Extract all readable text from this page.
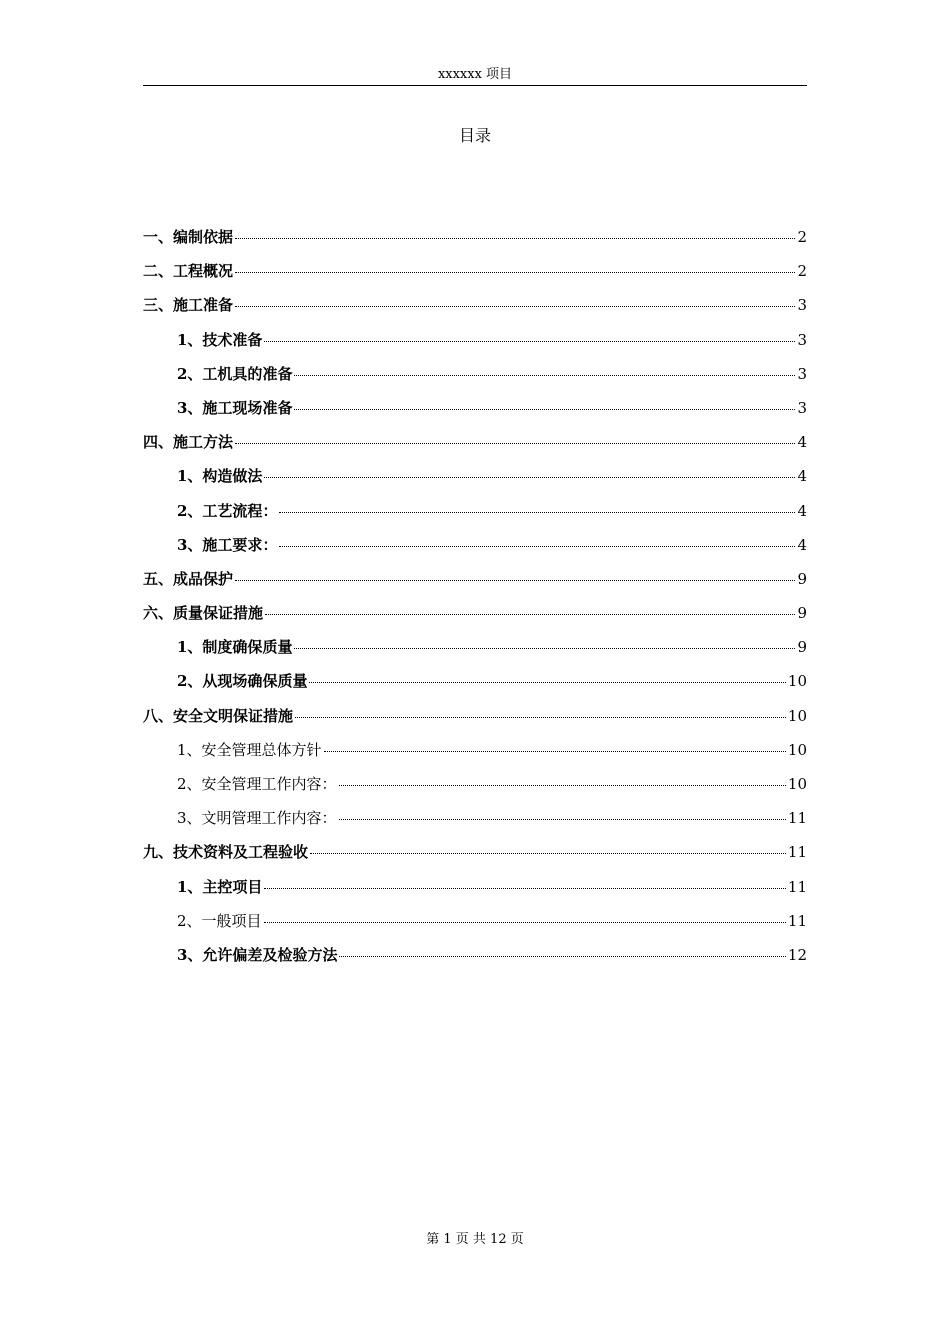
xxxxxx 项目
目录
一、编制依据	2
二、工程概况	2
三、施工准备	3
1、技术准备	3
2、工机具的准备	3
3、施工现场准备	3
四、施工方法	4
1、构造做法	4
2、工艺流程：	4
3、施工要求：	4
五、成品保护	9
六、质量保证措施	9
1、制度确保质量	9
2、从现场确保质量	10
八、安全文明保证措施	10
1、安全管理总体方针	10
2、安全管理工作内容：	10
3、文明管理工作内容：	11
九、技术资料及工程验收	11
1、主控项目	11
2、一般项目	11
3、允许偏差及检验方法	12
第 1 页 共 12 页
